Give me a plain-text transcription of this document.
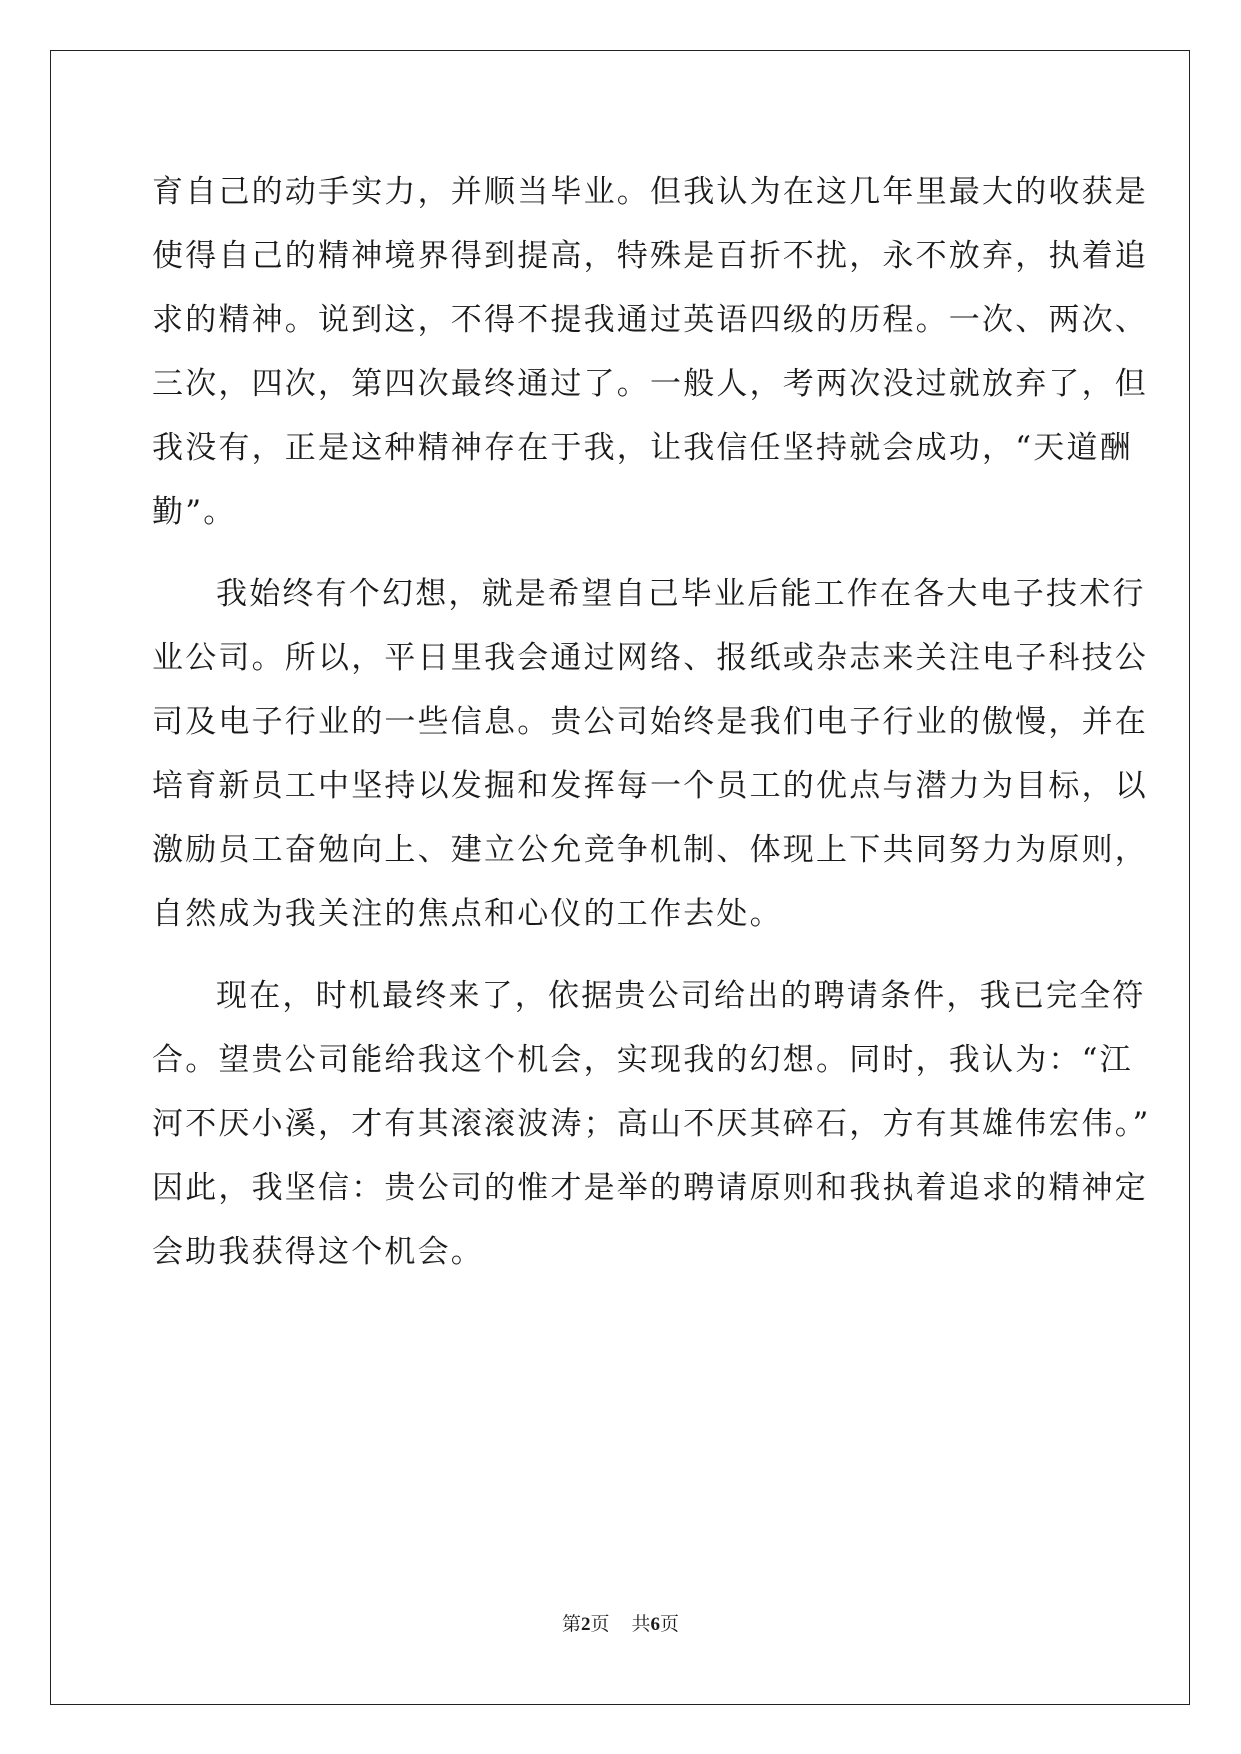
育自己的动手实力，并顺当毕业。但我认为在这几年里最大的收获是
使得自己的精神境界得到提高，特殊是百折不扰，永不放弃，执着追
求的精神。说到这，不得不提我通过英语四级的历程。一次、两次、
三次，四次，第四次最终通过了。一般人，考两次没过就放弃了，但
我没有，正是这种精神存在于我，让我信任坚持就会成功，“天道酬
勤”。
我始终有个幻想，就是希望自己毕业后能工作在各大电子技术行
业公司。所以，平日里我会通过网络、报纸或杂志来关注电子科技公
司及电子行业的一些信息。贵公司始终是我们电子行业的傲慢，并在
培育新员工中坚持以发掘和发挥每一个员工的优点与潜力为目标，以
激励员工奋勉向上、建立公允竞争机制、体现上下共同努力为原则，
自然成为我关注的焦点和心仪的工作去处。
现在，时机最终来了，依据贵公司给出的聘请条件，我已完全符
合。望贵公司能给我这个机会，实现我的幻想。同时，我认为：“江
河不厌小溪，才有其滚滚波涛；高山不厌其碎石，方有其雄伟宏伟。”
因此，我坚信：贵公司的惟才是举的聘请原则和我执着追求的精神定
会助我获得这个机会。
第2页 共6页
